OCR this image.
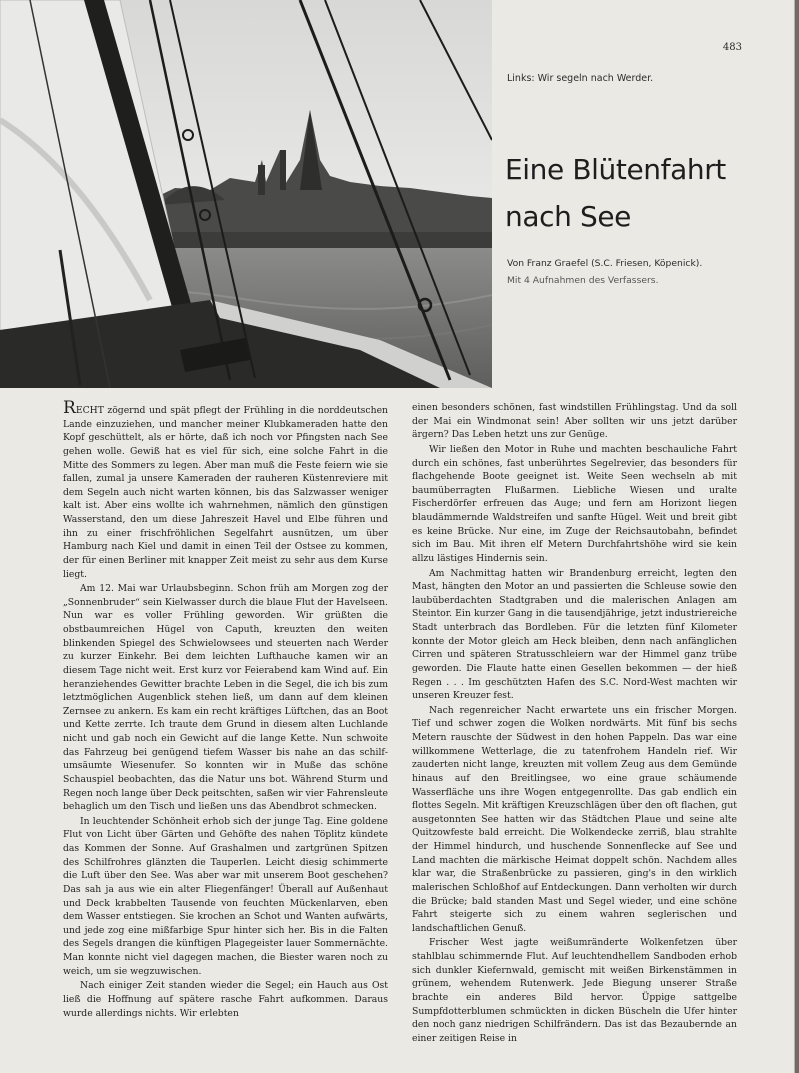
483
Links: Wir segeln nach Werder.
Eine Blütenfahrt
nach See
Von Franz Graefel (S.C. Friesen, Köpenick).
Mit 4 Aufnahmen des Verfassers.

RECHT zögernd und spät pflegt der Frühling in die norddeutschen Lande einzuziehen, und mancher meiner Klubkameraden hatte den Kopf geschüttelt, als er hörte, daß ich noch vor Pfingsten nach See gehen wolle. Gewiß hat es viel für sich, eine solche Fahrt in die Mitte des Sommers zu legen. Aber man muß die Feste feiern wie sie fallen, zumal ja unsere Kameraden der rauheren Küstenreviere mit dem Segeln auch nicht warten können, bis das Salzwasser weniger kalt ist. Aber eins wollte ich wahrnehmen, nämlich den günstigen Wasserstand, den um diese Jahreszeit Havel und Elbe führen und ihn zu einer frischfröhlichen Segelfahrt ausnützen, um über Hamburg nach Kiel und damit in einen Teil der Ostsee zu kommen, der für einen Berliner mit knapper Zeit meist zu sehr aus dem Kurse liegt.

Am 12. Mai war Urlaubsbeginn. Schon früh am Morgen zog der „Sonnenbruder“ sein Kielwasser durch die blaue Flut der Havelseen. Nun war es voller Frühling geworden. Wir grüßten die obstbaumreichen Hügel von Caputh, kreuzten den weiten blinkenden Spiegel des Schwielowsees und steuerten nach Werder zu kurzer Einkehr. Bei dem leichten Lufthauche kamen wir an diesem Tage nicht weit. Erst kurz vor Feierabend kam Wind auf. Ein heranziehendes Gewitter brachte Leben in die Segel, die ich bis zum letztmöglichen Augenblick stehen ließ, um dann auf dem kleinen Zernsee zu ankern. Es kam ein recht kräftiges Lüftchen, das an Boot und Kette zerrte. Ich traute dem Grund in diesem alten Luchlande nicht und gab noch ein Gewicht auf die lange Kette. Nun schwoite das Fahrzeug bei genügend tiefem Wasser bis nahe an das schilfumsäumte Wiesenufer. So konnten wir in Muße das schöne Schauspiel beobachten, das die Natur uns bot. Während Sturm und Regen noch lange über Deck peitschten, saßen wir vier Fahrensleute behaglich um den Tisch und ließen uns das Abendbrot schmecken.

In leuchtender Schönheit erhob sich der junge Tag. Eine goldene Flut von Licht über Gärten und Gehöfte des nahen Töplitz kündete das Kommen der Sonne. Auf Grashalmen und zartgrünen Spitzen des Schilfrohres glänzten die Tauperlen. Leicht diesig schimmerte die Luft über den See. Was aber war mit unserem Boot geschehen? Das sah ja aus wie ein alter Fliegenfänger! Überall auf Außenhaut und Deck krabbelten Tausende von feuchten Mückenlarven, eben dem Wasser entstiegen. Sie krochen an Schot und Wanten aufwärts, und jede zog eine mißfarbige Spur hinter sich her. Bis in die Falten des Segels drangen die künftigen Plagegeister lauer Sommernächte. Man konnte nicht viel dagegen machen, die Biester waren noch zu weich, um sie wegzuwischen.

Nach einiger Zeit standen wieder die Segel; ein Hauch aus Ost ließ die Hoffnung auf spätere rasche Fahrt aufkommen. Daraus wurde allerdings nichts. Wir erlebten

einen besonders schönen, fast windstillen Frühlingstag. Und da soll der Mai ein Windmonat sein! Aber sollten wir uns jetzt darüber ärgern? Das Leben hetzt uns zur Genüge.

Wir ließen den Motor in Ruhe und machten beschauliche Fahrt durch ein schönes, fast unberührtes Segelrevier, das besonders für flachgehende Boote geeignet ist. Weite Seen wechseln ab mit baumüberragten Flußarmen. Liebliche Wiesen und uralte Fischerdörfer erfreuen das Auge; und fern am Horizont liegen blaudämmernde Waldstreifen und sanfte Hügel. Weit und breit gibt es keine Brücke. Nur eine, im Zuge der Reichsautobahn, befindet sich im Bau. Mit ihren elf Metern Durchfahrtshöhe wird sie kein allzu lästiges Hindernis sein.

Am Nachmittag hatten wir Brandenburg erreicht, legten den Mast, hängten den Motor an und passierten die Schleuse sowie den laubüberdachten Stadtgraben und die malerischen Anlagen am Steintor. Ein kurzer Gang in die tausendjährige, jetzt industriereiche Stadt unterbrach das Bordleben. Für die letzten fünf Kilometer konnte der Motor gleich am Heck bleiben, denn nach anfänglichen Cirren und späteren Stratusschleiern war der Himmel ganz trübe geworden. Die Flaute hatte einen Gesellen bekommen — der hieß Regen . . . Im geschützten Hafen des S.C. Nord-West machten wir unseren Kreuzer fest.

Nach regenreicher Nacht erwartete uns ein frischer Morgen. Tief und schwer zogen die Wolken nordwärts. Mit fünf bis sechs Metern rauschte der Südwest in den hohen Pappeln. Das war eine willkommene Wetterlage, die zu tatenfrohem Handeln rief. Wir zauderten nicht lange, kreuzten mit vollem Zeug aus dem Gemünde hinaus auf den Breitlingsee, wo eine graue schäumende Wasserfläche uns ihre Wogen entgegenrollte. Das gab endlich ein flottes Segeln. Mit kräftigen Kreuzschlägen über den oft flachen, gut ausgetonnten See hatten wir das Städtchen Plaue und seine alte Quitzowfeste bald erreicht. Die Wolkendecke zerriß, blau strahlte der Himmel hindurch, und huschende Sonnenflecke auf See und Land machten die märkische Heimat doppelt schön. Nachdem alles klar war, die Straßenbrücke zu passieren, ging's in den wirklich malerischen Schloßhof auf Entdeckungen. Dann verholten wir durch die Brücke; bald standen Mast und Segel wieder, und eine schöne Fahrt steigerte sich zu einem wahren seglerischen und landschaftlichen Genuß.

Frischer West jagte weißumränderte Wolkenfetzen über stahlblau schimmernde Flut. Auf leuchtendhellem Sandboden erhob sich dunkler Kiefernwald, gemischt mit weißen Birkenstämmen in grünem, wehendem Rutenwerk. Jede Biegung unserer Straße brachte ein anderes Bild hervor. Üppige sattgelbe Sumpfdotterblumen schmückten in dicken Büscheln die Ufer hinter den noch ganz niedrigen Schilfrändern. Das ist das Bezaubernde an einer zeitigen Reise in
